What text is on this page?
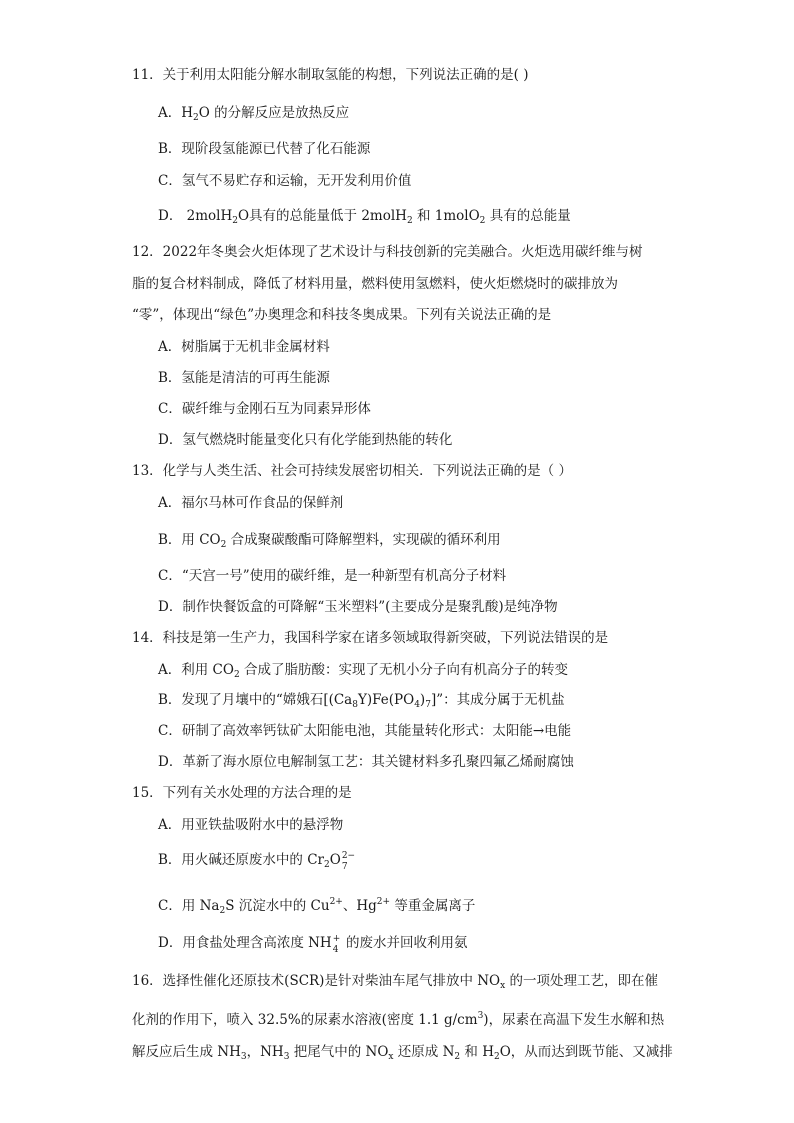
11．关于利用太阳能分解水制取氢能的构想，下列说法正确的是( )
A．$H_2O$ 的分解反应是放热反应
B．现阶段氢能源已代替了化石能源
C．氢气不易贮存和运输，无开发利用价值
D． 2molH$_2$O具有的总能量低于 2molH$_2$ 和 1molO$_2$ 具有的总能量
12．2022年冬奥会火炬体现了艺术设计与科技创新的完美融合。火炬选用碳纤维与树
脂的复合材料制成，降低了材料用量，燃料使用氢燃料，使火炬燃烧时的碳排放为
“零”，体现出“绿色”办奥理念和科技冬奥成果。下列有关说法正确的是
A．树脂属于无机非金属材料
B．氢能是清洁的可再生能源
C．碳纤维与金刚石互为同素异形体
D．氢气燃烧时能量变化只有化学能到热能的转化
13．化学与人类生活、社会可持续发展密切相关．下列说法正确的是（ ）
A．福尔马林可作食品的保鲜剂
B．用 $CO_2$ 合成聚碳酸酯可降解塑料，实现碳的循环利用
C．“天宫一号”使用的碳纤维，是一种新型有机高分子材料
D．制作快餐饭盒的可降解“玉米塑料”(主要成分是聚乳酸)是纯净物
14．科技是第一生产力，我国科学家在诸多领域取得新突破，下列说法错误的是
A．利用 $CO_2$ 合成了脂肪酸：实现了无机小分子向有机高分子的转变
B．发现了月壤中的“嫦娥石$[(Ca_8Y)Fe(PO_4)_7]$”：其成分属于无机盐
C．研制了高效率钙钛矿太阳能电池，其能量转化形式：太阳能→电能
D．革新了海水原位电解制氢工艺：其关键材料多孔聚四氟乙烯耐腐蚀
15．下列有关水处理的方法合理的是
A．用亚铁盐吸附水中的悬浮物
B．用火碱还原废水中的 $Cr_2O$ 2−
7
C．用 $Na_2S$ 沉淀水中的 $Cu^{2+}$、$Hg^{2+}$ 等重金属离子
D．用食盐处理含高浓度 NH +
4 的废水并回收利用氨
16．选择性催化还原技术(SCR)是针对柴油车尾气排放中 $NO_x$ 的一项处理工艺，即在催
化剂的作用下，喷入 32.5%的尿素水溶液(密度 1.1 $g/cm^3$)，尿素在高温下发生水解和热
解反应后生成 $NH_3$，$NH_3$ 把尾气中的 $NO_x$ 还原成 $N_2$ 和 $H_2O$，从而达到既节能、又减排
